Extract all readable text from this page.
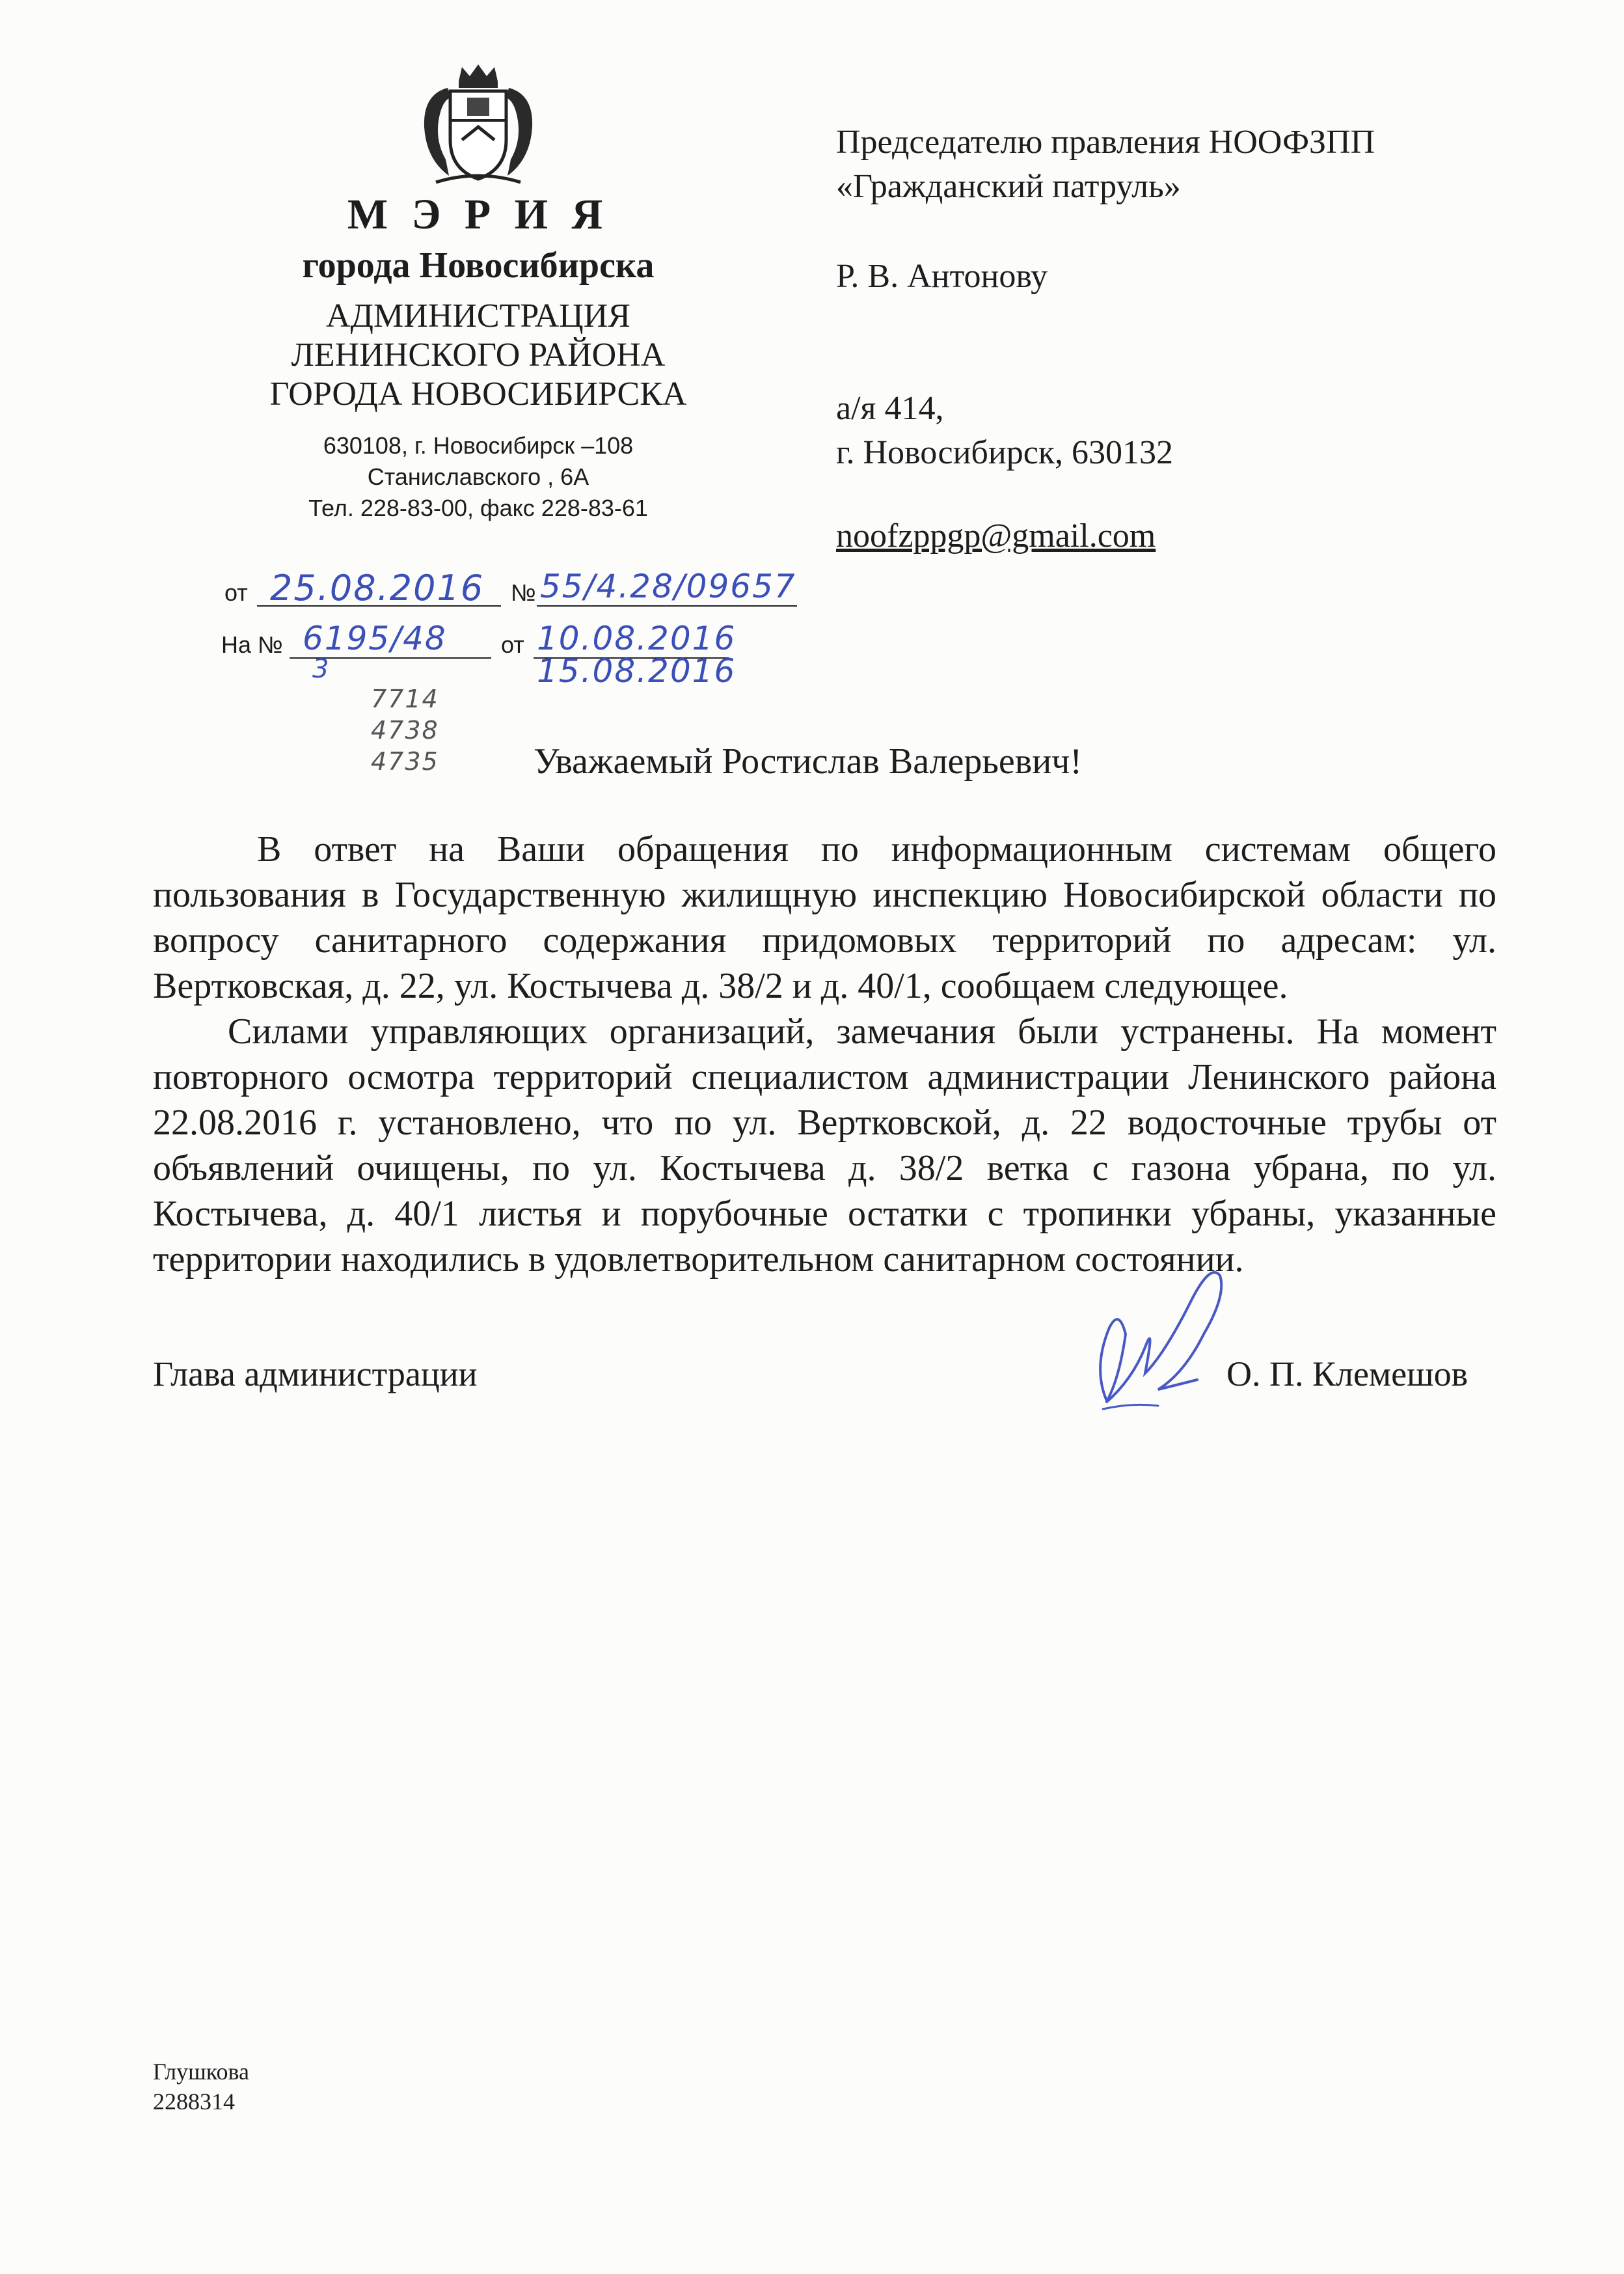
М Э Р И Я
города Новосибирска
АДМИНИСТРАЦИЯ
ЛЕНИНСКОГО РАЙОНА
ГОРОДА НОВОСИБИРСКА
630108, г. Новосибирск –108
Станиславского , 6А
Тел. 228-83-00, факс 228-83-61
от 25.08.2016 № 55/4.28/09657
На № 6195/48
3
от 10.08.2016
15.08.2016
7714
4738
4735
Председателю правления НООФЗПП
«Гражданский патруль»
Р. В. Антонову
а/я 414,
г. Новосибирск, 630132
noofzppgp@gmail.com
Уважаемый Ростислав Валерьевич!

В ответ на Ваши обращения по информационным системам общего пользования в Государственную жилищную инспекцию Новосибирской области по вопросу санитарного содержания придомовых территорий по адресам: ул. Вертковская, д. 22, ул. Костычева д. 38/2 и д. 40/1, сообщаем следующее.

Силами управляющих организаций, замечания были устранены. На момент повторного осмотра территорий специалистом администрации Ленинского района 22.08.2016 г. установлено, что по ул. Вертковской, д. 22 водосточные трубы от объявлений очищены, по ул. Костычева д. 38/2 ветка с газона убрана, по ул. Костычева, д. 40/1 листья и порубочные остатки с тропинки убраны, указанные территории находились в удовлетворительном санитарном состоянии.

Глава администрации	О. П. Клемешов
Глушкова
2288314
